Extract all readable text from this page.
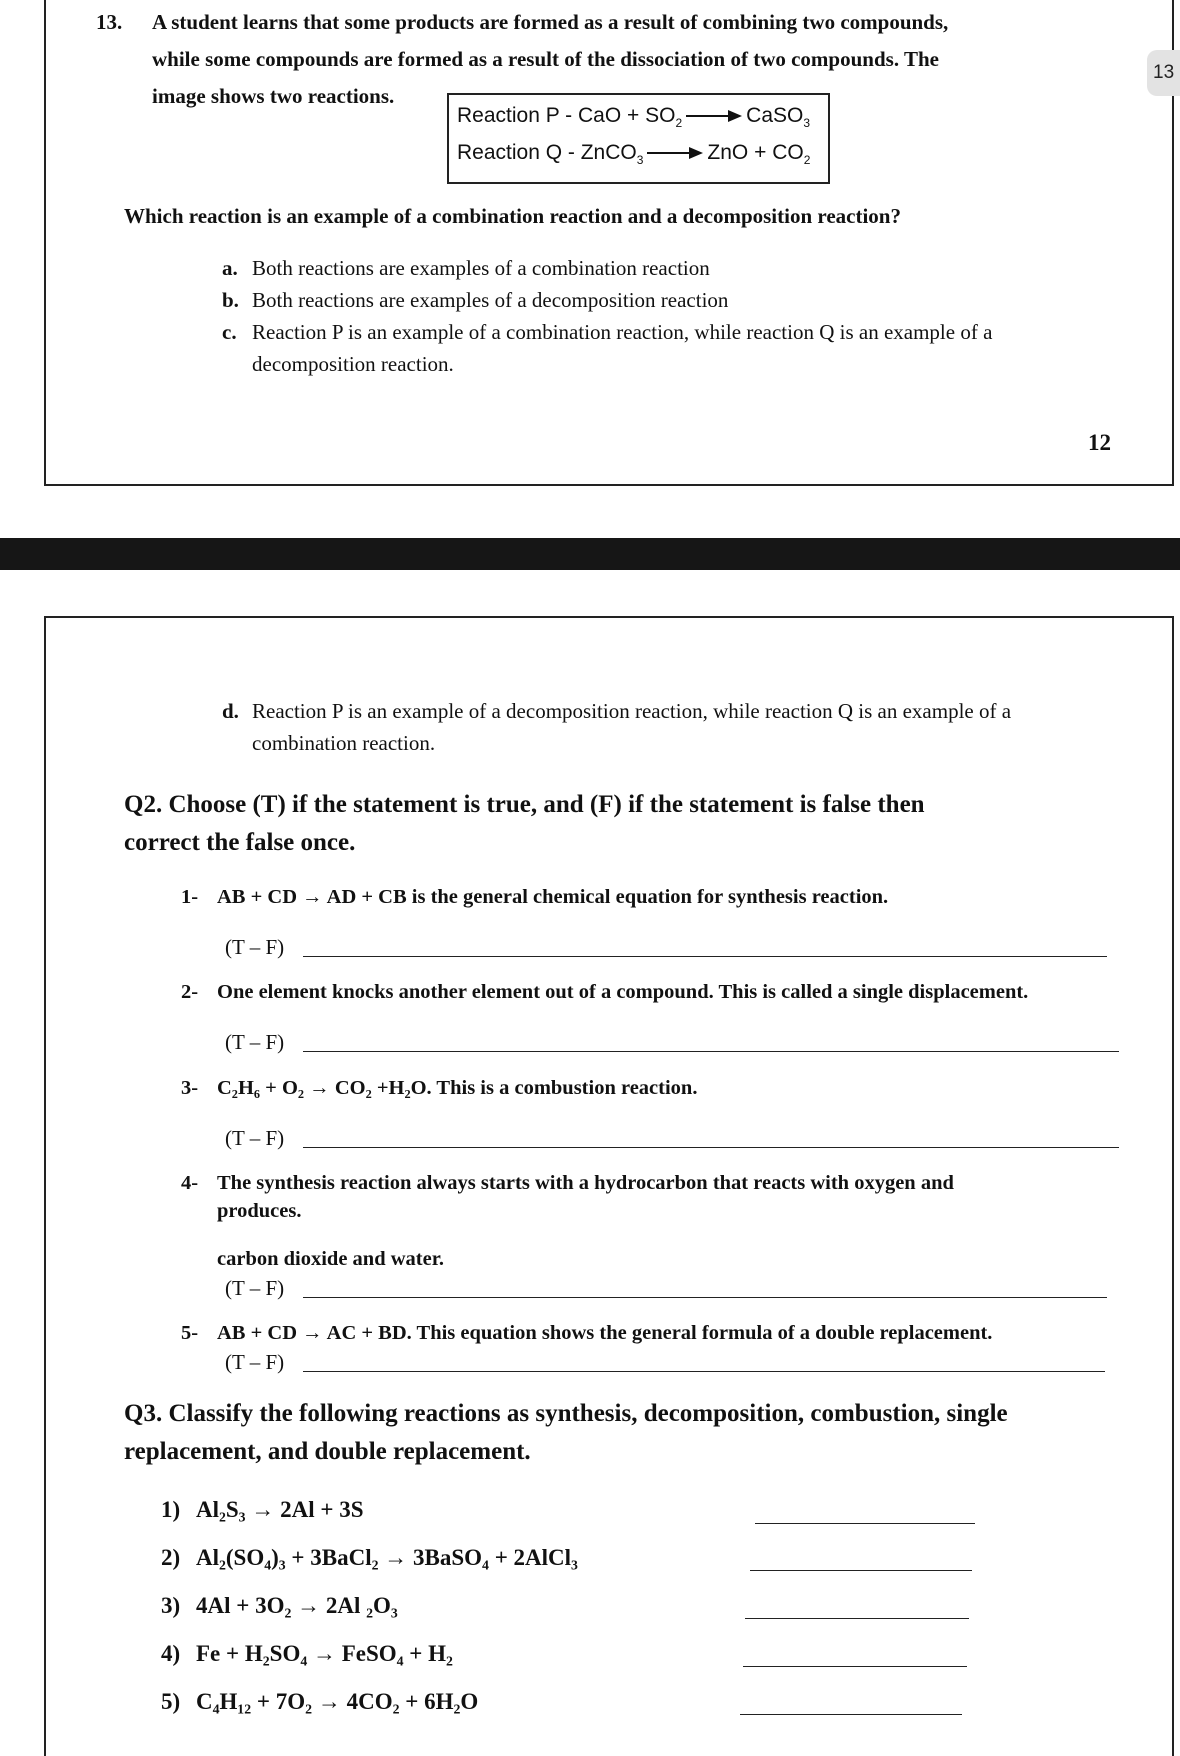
13
13. A student learns that some products are formed as a result of combining two compounds,
while some compounds are formed as a result of the dissociation of two compounds. The
image shows two reactions.
Reaction P - CaO + $SO_2$	CaSO$_3$
Reaction Q - ZnCO$_3$	ZnO + $CO_2$
Which reaction is an example of a combination reaction and a decomposition reaction?
a. Both reactions are examples of a combination reaction
b. Both reactions are examples of a decomposition reaction
c. Reaction P is an example of a combination reaction, while reaction Q is an example of a
decomposition reaction.
12
d. Reaction P is an example of a decomposition reaction, while reaction Q is an example of a
combination reaction.
Q2. Choose (T) if the statement is true, and (F) if the statement is false then
correct the false once.
1- AB + CD → AD + CB is the general chemical equation for synthesis reaction.
(T – F)
2- One element knocks another element out of a compound. This is called a single displacement.
(T – F)
3- C₂H₆ + O₂ → CO₂ +H₂O. This is a combustion reaction.
(T – F)
4- The synthesis reaction always starts with a hydrocarbon that reacts with oxygen and
produces.
carbon dioxide and water.
(T – F)
5- AB + CD → AC + BD. This equation shows the general formula of a double replacement.
(T – F)
Q3. Classify the following reactions as synthesis, decomposition, combustion, single
replacement, and double replacement.
1) Al₂S₃ → 2Al + 3S
2) Al₂(SO₄)₃ + 3BaCl₂ → 3BaSO₄ + 2AlCl₃
3) 4Al + 3O₂ → 2Al ₂O₃
4) Fe + H₂SO₄ → FeSO₄ + H₂
5) C₄H₁₂ + 7O₂ → 4CO₂ + 6H₂O
